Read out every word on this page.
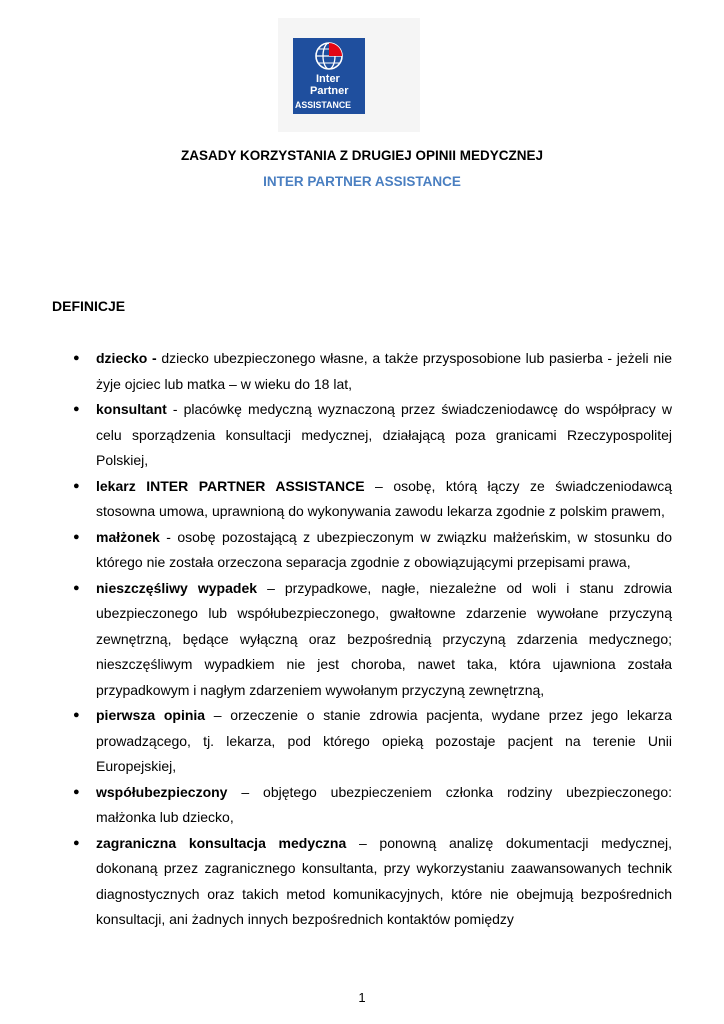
Inter
Partner
ASSISTANCE
ZASADY KORZYSTANIA Z DRUGIEJ OPINII MEDYCZNEJ
INTER PARTNER ASSISTANCE
DEFINICJE
● dziecko - dziecko ubezpieczonego własne, a także przysposobione lub pasierba - jeżeli nie żyje ojciec lub matka – w wieku do 18 lat,
● konsultant - placówkę medyczną wyznaczoną przez świadczeniodawcę do współpracy w celu sporządzenia konsultacji medycznej, działającą poza granicami Rzeczypospolitej Polskiej,
● lekarz INTER PARTNER ASSISTANCE – osobę, którą łączy ze świadczeniodawcą stosowna umowa, uprawnioną do wykonywania zawodu lekarza zgodnie z polskim prawem,
● małżonek - osobę pozostającą z ubezpieczonym w związku małżeńskim, w stosunku do którego nie została orzeczona separacja zgodnie z obowiązującymi przepisami prawa,
● nieszczęśliwy wypadek – przypadkowe, nagłe, niezależne od woli i stanu zdrowia ubezpieczonego lub współubezpieczonego, gwałtowne zdarzenie wywołane przyczyną zewnętrzną, będące wyłączną oraz bezpośrednią przyczyną zdarzenia medycznego; nieszczęśliwym wypadkiem nie jest choroba, nawet taka, która ujawniona została przypadkowym i nagłym zdarzeniem wywołanym przyczyną zewnętrzną,
● pierwsza opinia – orzeczenie o stanie zdrowia pacjenta, wydane przez jego lekarza prowadzącego, tj. lekarza, pod którego opieką pozostaje pacjent na terenie Unii Europejskiej,
● współubezpieczony – objętego ubezpieczeniem członka rodziny ubezpieczonego: małżonka lub dziecko,
● zagraniczna konsultacja medyczna – ponowną analizę dokumentacji medycznej, dokonaną przez zagranicznego konsultanta, przy wykorzystaniu zaawansowanych technik diagnostycznych oraz takich metod komunikacyjnych, które nie obejmują bezpośrednich konsultacji, ani żadnych innych bezpośrednich kontaktów pomiędzy
1
